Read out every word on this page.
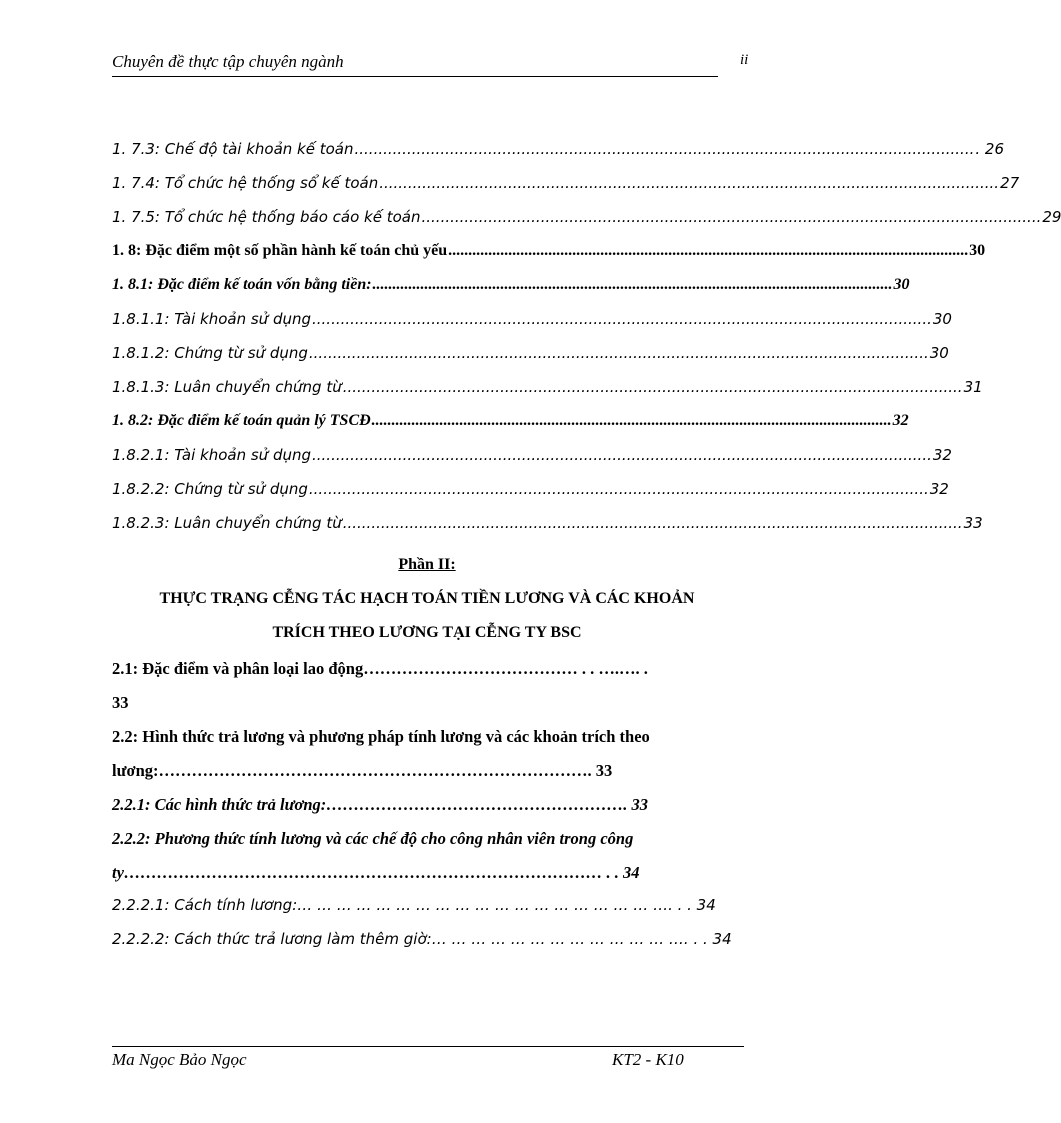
Chuyên đề thực tập chuyên ngành	ii
1. 7.3: Chế độ tài khoản kế toán .................................................................................................................................. . 26
1. 7.4: Tổ chức hệ thống sổ kế toán .................................................................................................................................. 27
1. 7.5: Tổ chức hệ thống báo cáo kế toán .................................................................................................................................. 29
1. 8: Đặc điểm một số phần hành kế toán chủ yếu .................................................................................................................................. 30
1. 8.1: Đặc điểm kế toán vốn bằng tiền: .................................................................................................................................. 30
1.8.1.1: Tài khoản sử dụng .................................................................................................................................. 30
1.8.1.2: Chứng từ sử dụng .................................................................................................................................. 30
1.8.1.3: Luân chuyển chứng từ .................................................................................................................................. 31
1. 8.2: Đặc điểm kế toán quản lý TSCĐ .................................................................................................................................. 32
1.8.2.1: Tài khoản sử dụng .................................................................................................................................. 32
1.8.2.2: Chứng từ sử dụng .................................................................................................................................. 32
1.8.2.3: Luân chuyển chứng từ .................................................................................................................................. 33
Phần II:
THỰC TRẠNG CỄNG TÁC HẠCH TOÁN TIỀN LƯƠNG VÀ CÁC KHOẢN
TRÍCH THEO LƯƠNG TẠI CỄNG TY BSC
2.1: Đặc điểm và phân loại lao động………………………………… . . ….…. .
33
2.2: Hình thức trả lương và phương pháp tính lương và các khoản trích theo
lương:……………………………………………………………………. 33
2.2.1: Các hình thức trả lương:………………………………………………. 33
2.2.2: Phương thức tính lương và các chế độ cho công nhân viên trong công
ty…………………………………………………………………………… . . 34
2.2.2.1: Cách tính lương:… … … … … … … … … … … … … … … … … … …. . . 34
2.2.2.2: Cách thức trả lương làm thêm giờ:… … … … … … … … … … … … …. . . 34
Ma Ngọc Bảo Ngọc	KT2 - K10
